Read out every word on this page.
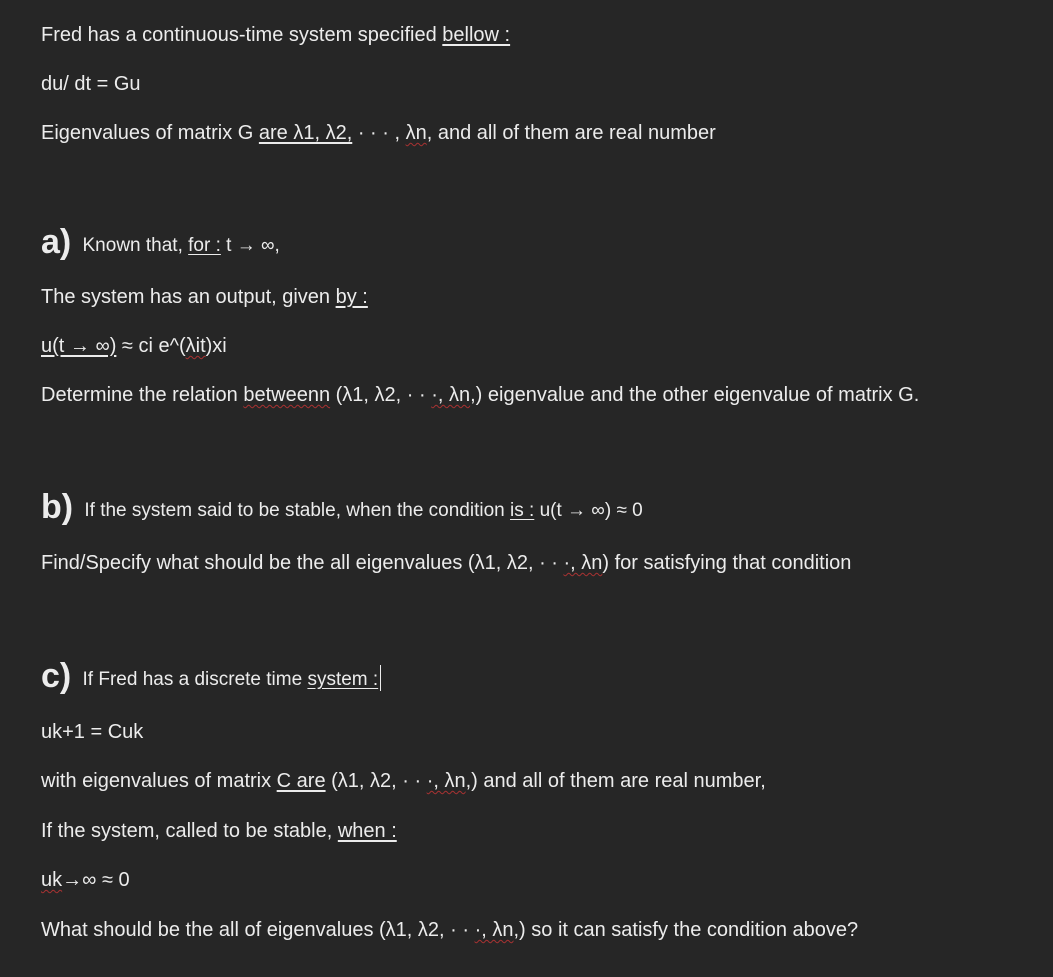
Fred has a continuous-time system specified bellow :
du/ dt = Gu
Eigenvalues of matrix G are λ1, λ2, · · · , λn, and all of them are real number
a) Known that, for : t → ∞,
The system has an output, given by :
u(t → ∞) ≈ ci e^(λit)xi
Determine the relation betweenn (λ1, λ2, · · ·, λn,) eigenvalue and the other eigenvalue of matrix G.
b) If the system said to be stable, when the condition is : u(t → ∞) ≈ 0
Find/Specify what should be the all eigenvalues (λ1, λ2, · · ·, λn) for satisfying that condition
c) If Fred has a discrete time system :
uk+1 = Cuk
with eigenvalues of matrix C are (λ1, λ2, · · ·, λn,) and all of them are real number,
If the system, called to be stable, when :
uk→∞ ≈ 0
What should be the all of eigenvalues (λ1, λ2, · · ·, λn,) so it can satisfy the condition above?
